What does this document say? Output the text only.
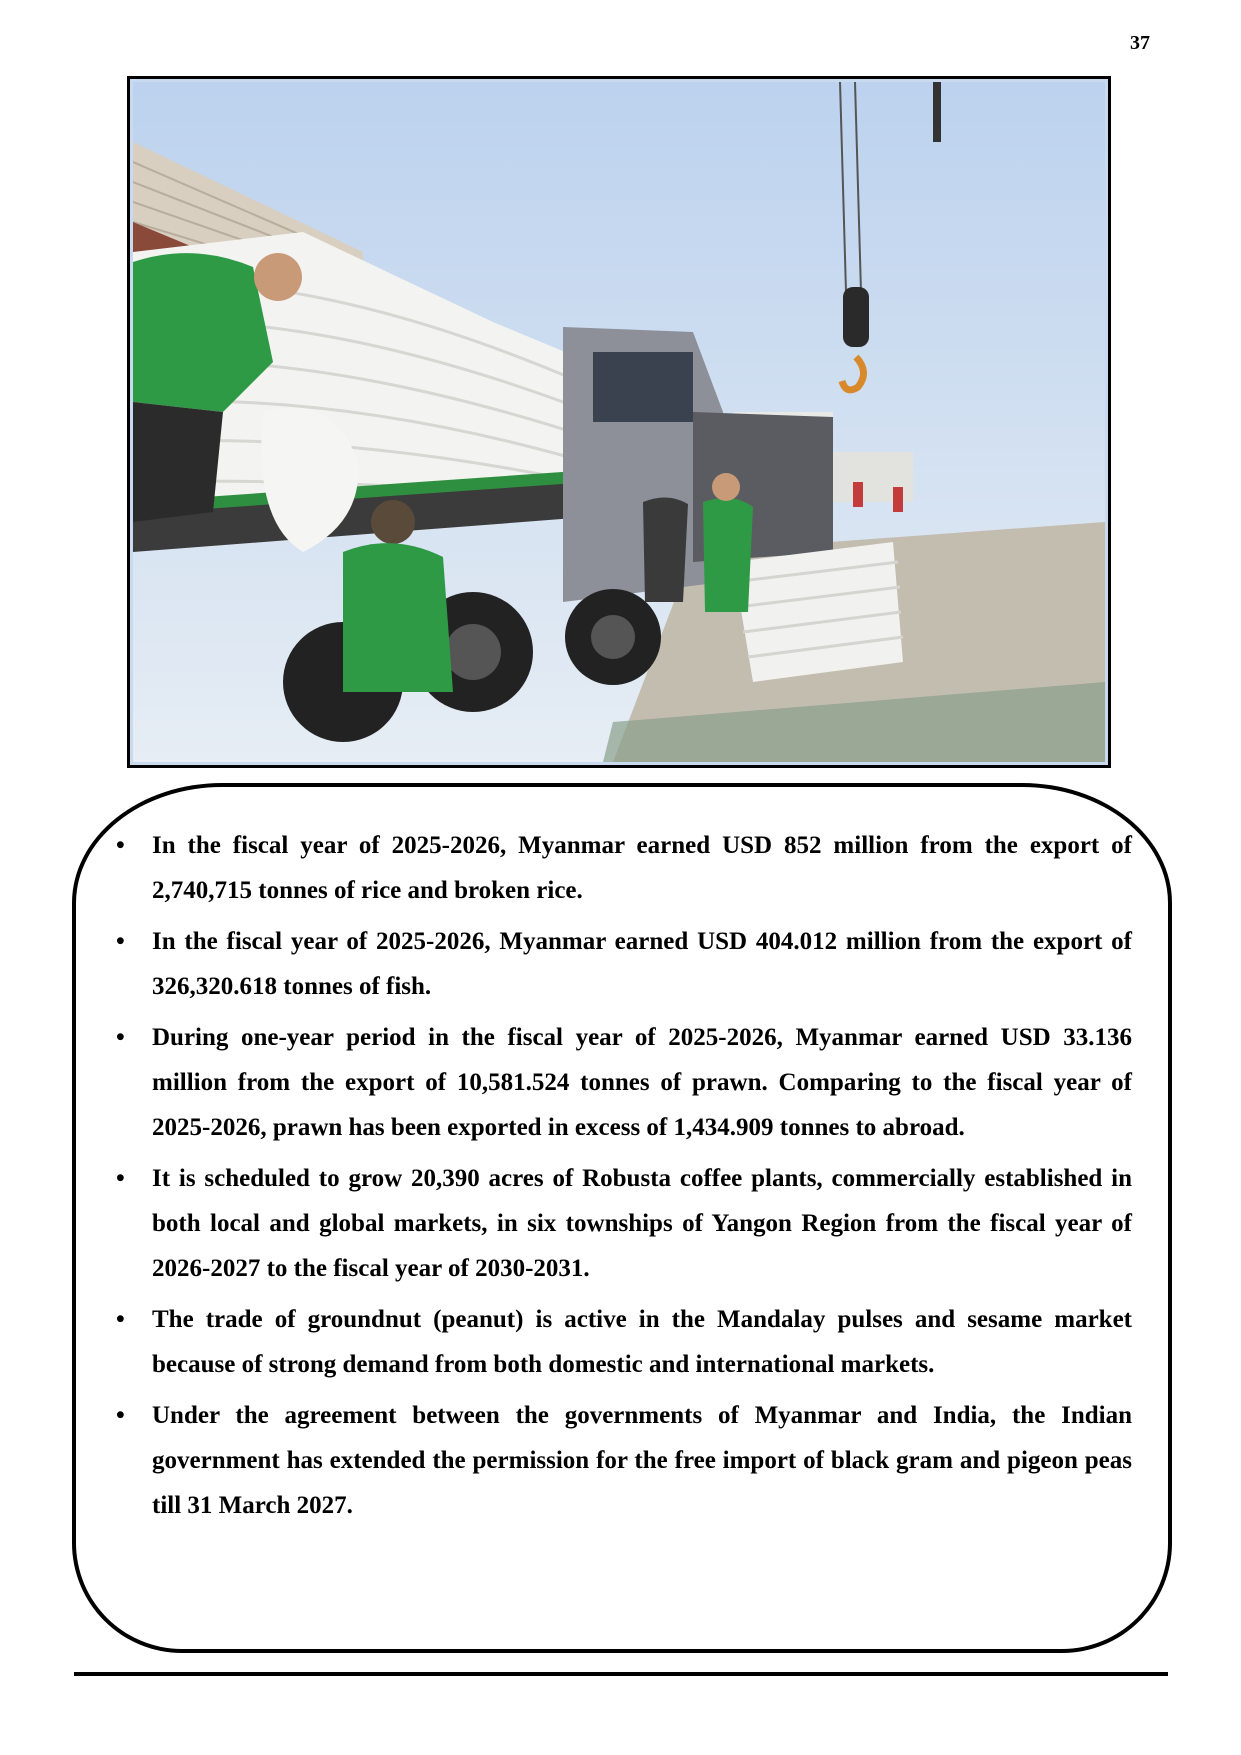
37
• In the fiscal year of 2025-2026, Myanmar earned USD 852 million from the export of 2,740,715 tonnes of rice and broken rice.
• In the fiscal year of 2025-2026, Myanmar earned USD 404.012 million from the export of 326,320.618 tonnes of fish.
• During one-year period in the fiscal year of 2025-2026, Myanmar earned USD 33.136 million from the export of 10,581.524 tonnes of prawn. Comparing to the fiscal year of 2025-2026, prawn has been exported in excess of 1,434.909 tonnes to abroad.
• It is scheduled to grow 20,390 acres of Robusta coffee plants, commercially established in both local and global markets, in six townships of Yangon Region from the fiscal year of 2026-2027 to the fiscal year of 2030-2031.
• The trade of groundnut (peanut) is active in the Mandalay pulses and sesame market because of strong demand from both domestic and international markets.
• Under the agreement between the governments of Myanmar and India, the Indian government has extended the permission for the free import of black gram and pigeon peas till 31 March 2027.
